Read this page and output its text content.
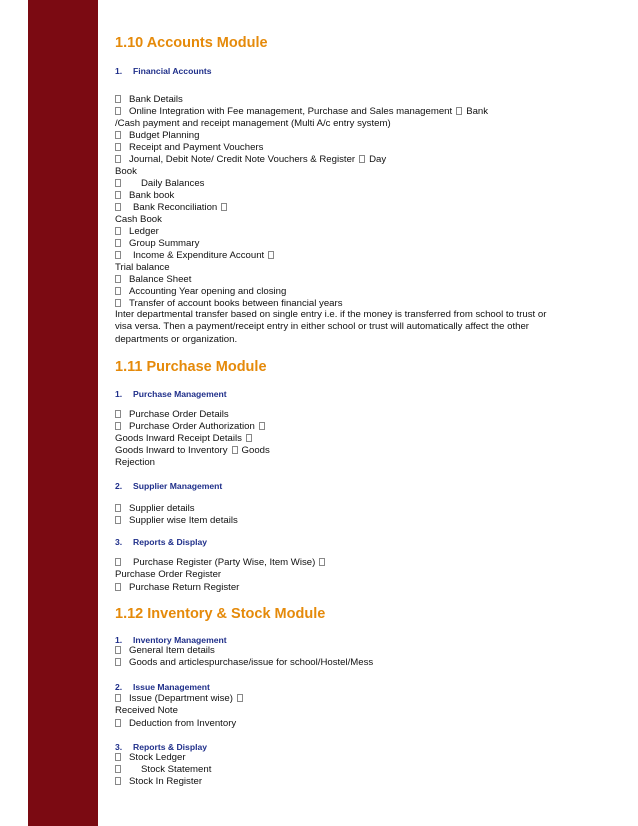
1.10 Accounts Module
1. Financial Accounts
Bank Details
Online Integration with Fee management, Purchase and Sales management Bank
/Cash payment and receipt management (Multi A/c entry system)
Budget Planning
Receipt and Payment Vouchers
Journal, Debit Note/ Credit Note Vouchers & Register Day
Book
Daily Balances
Bank book
Bank Reconciliation
Cash Book
Ledger
Group Summary
Income & Expenditure Account
Trial balance
Balance Sheet
Accounting Year opening and closing
Transfer of account books between financial years
Inter departmental transfer based on single entry i.e. if the money is transferred from school to trust or visa versa. Then a payment/receipt entry in either school or trust will automatically affect the other departments or organization.
1.11 Purchase Module
1. Purchase Management
Purchase Order Details
Purchase Order Authorization
Goods Inward Receipt Details
Goods Inward to Inventory Goods
Rejection
2. Supplier Management
Supplier details
Supplier wise Item details
3. Reports & Display
Purchase Register (Party Wise, Item Wise)
Purchase Order Register
Purchase Return Register
1.12 Inventory & Stock Module
1. Inventory Management
General Item details
Goods and articlespurchase/issue for school/Hostel/Mess
2. Issue Management
Issue (Department wise)
Received Note
Deduction from Inventory
3. Reports & Display
Stock Ledger
Stock Statement
Stock In Register
